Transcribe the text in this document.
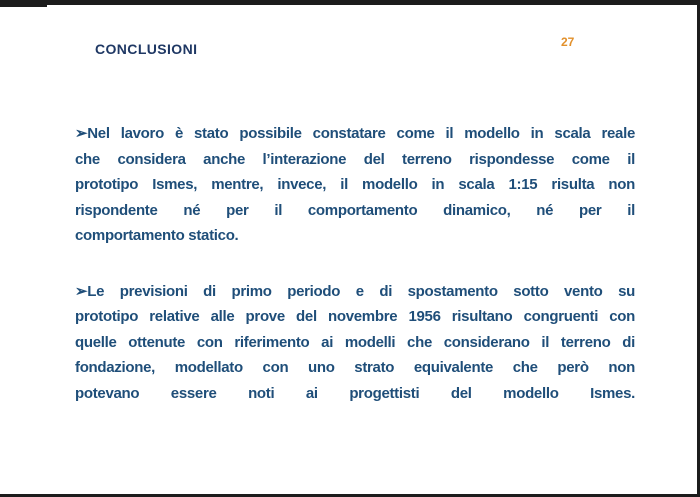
CONCLUSIONI	27
➢Nel lavoro è stato possibile constatare come il modello in scala reale
che considera anche l’interazione del terreno rispondesse come il
prototipo Ismes, mentre, invece, il modello in scala 1:15 risulta non
rispondente né per il comportamento dinamico, né per il
comportamento statico.
➢Le previsioni di primo periodo e di spostamento sotto vento su
prototipo relative alle prove del novembre 1956 risultano congruenti con
quelle ottenute con riferimento ai modelli che considerano il terreno di
fondazione, modellato con uno strato equivalente che però non
potevano essere noti ai progettisti del modello Ismes.
